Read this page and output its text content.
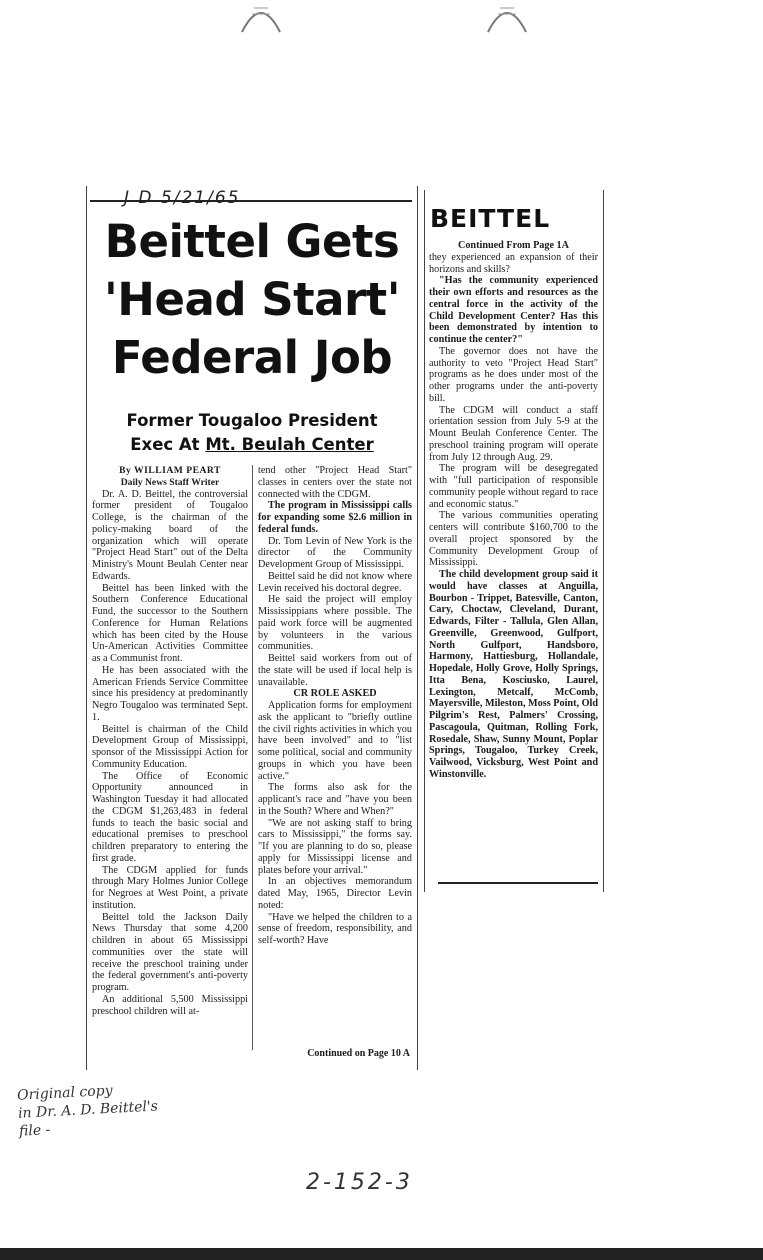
J D 5/21/65
Beittel Gets
'Head Start'
Federal Job
Former Tougaloo President
Exec At Mt. Beulah Center

By WILLIAM PEART
Daily News Staff Writer

Dr. A. D. Beittel, the controversial former president of Tougaloo College, is the chairman of the policy-making board of the organization which will operate "Project Head Start" out of the Delta Ministry's Mount Beulah Center near Edwards.

Beittel has been linked with the Southern Conference Educational Fund, the successor to the Southern Conference for Human Relations which has been cited by the House Un-American Activities Committee as a Communist front.

He has been associated with the American Friends Service Committee since his presidency at predominantly Negro Tougaloo was terminated Sept. 1.

Beittel is chairman of the Child Development Group of Mississippi, sponsor of the Mississippi Action for Community Education.

The Office of Economic Opportunity announced in Washington Tuesday it had allocated the CDGM $1,263,483 in federal funds to teach the basic social and educational premises to preschool children preparatory to entering the first grade.

The CDGM applied for funds through Mary Holmes Junior College for Negroes at West Point, a private institution.

Beittel told the Jackson Daily News Thursday that some 4,200 children in about 65 Mississippi communities over the state will receive the preschool training under the federal government's anti-poverty program.

An additional 5,500 Mississippi preschool children will at-

tend other "Project Head Start" classes in centers over the state not connected with the CDGM.

The program in Mississippi calls for expanding some $2.6 million in federal funds.

Dr. Tom Levin of New York is the director of the Community Development Group of Mississippi.

Beittel said he did not know where Levin received his doctoral degree.

He said the project will employ Mississippians where possible. The paid work force will be augmented by volunteers in the various communities.

Beittel said workers from out of the state will be used if local help is unavailable.

CR ROLE ASKED

Application forms for employment ask the applicant to "briefly outline the civil rights activities in which you have been involved" and to "list some political, social and community groups in which you have been active."

The forms also ask for the applicant's race and "have you been in the South? Where and When?"

"We are not asking staff to bring cars to Mississippi," the forms say. "If you are planning to do so, please apply for Mississippi license and plates before your arrival."

In an objectives memorandum dated May, 1965, Director Levin noted:

"Have we helped the children to a sense of freedom, responsibility, and self-worth? Have

Continued on Page 10 A
BEITTEL

Continued From Page 1A

they experienced an expansion of their horizons and skills?

"Has the community experienced their own efforts and resources as the central force in the activity of the Child Development Center? Has this been demonstrated by intention to continue the center?"

The governor does not have the authority to veto "Project Head Start" programs as he does under most of the other programs under the anti-poverty bill.

The CDGM will conduct a staff orientation session from July 5-9 at the Mount Beulah Conference Center. The preschool training program will operate from July 12 through Aug. 29.

The program will be desegregated with "full participation of responsible community people without regard to race and economic status."

The various communities operating centers will contribute $160,700 to the overall project sponsored by the Community Development Group of Mississippi.

The child development group said it would have classes at Anguilla, Bourbon - Trippet, Batesville, Canton, Cary, Choctaw, Cleveland, Durant, Edwards, Filter - Tallula, Glen Allan, Greenville, Greenwood, Gulfport, North Gulfport, Handsboro, Harmony, Hattiesburg, Hollandale, Hopedale, Holly Grove, Holly Springs, Itta Bena, Kosciusko, Laurel, Lexington, Metcalf, McComb, Mayersville, Mileston, Moss Point, Old Pilgrim's Rest, Palmers' Crossing, Pascagoula, Quitman, Rolling Fork, Rosedale, Shaw, Sunny Mount, Poplar Springs, Tougaloo, Turkey Creek, Vailwood, Vicksburg, West Point and Winstonville.

Original copy
in Dr. A. D. Beittel's
file -
2-152-3
